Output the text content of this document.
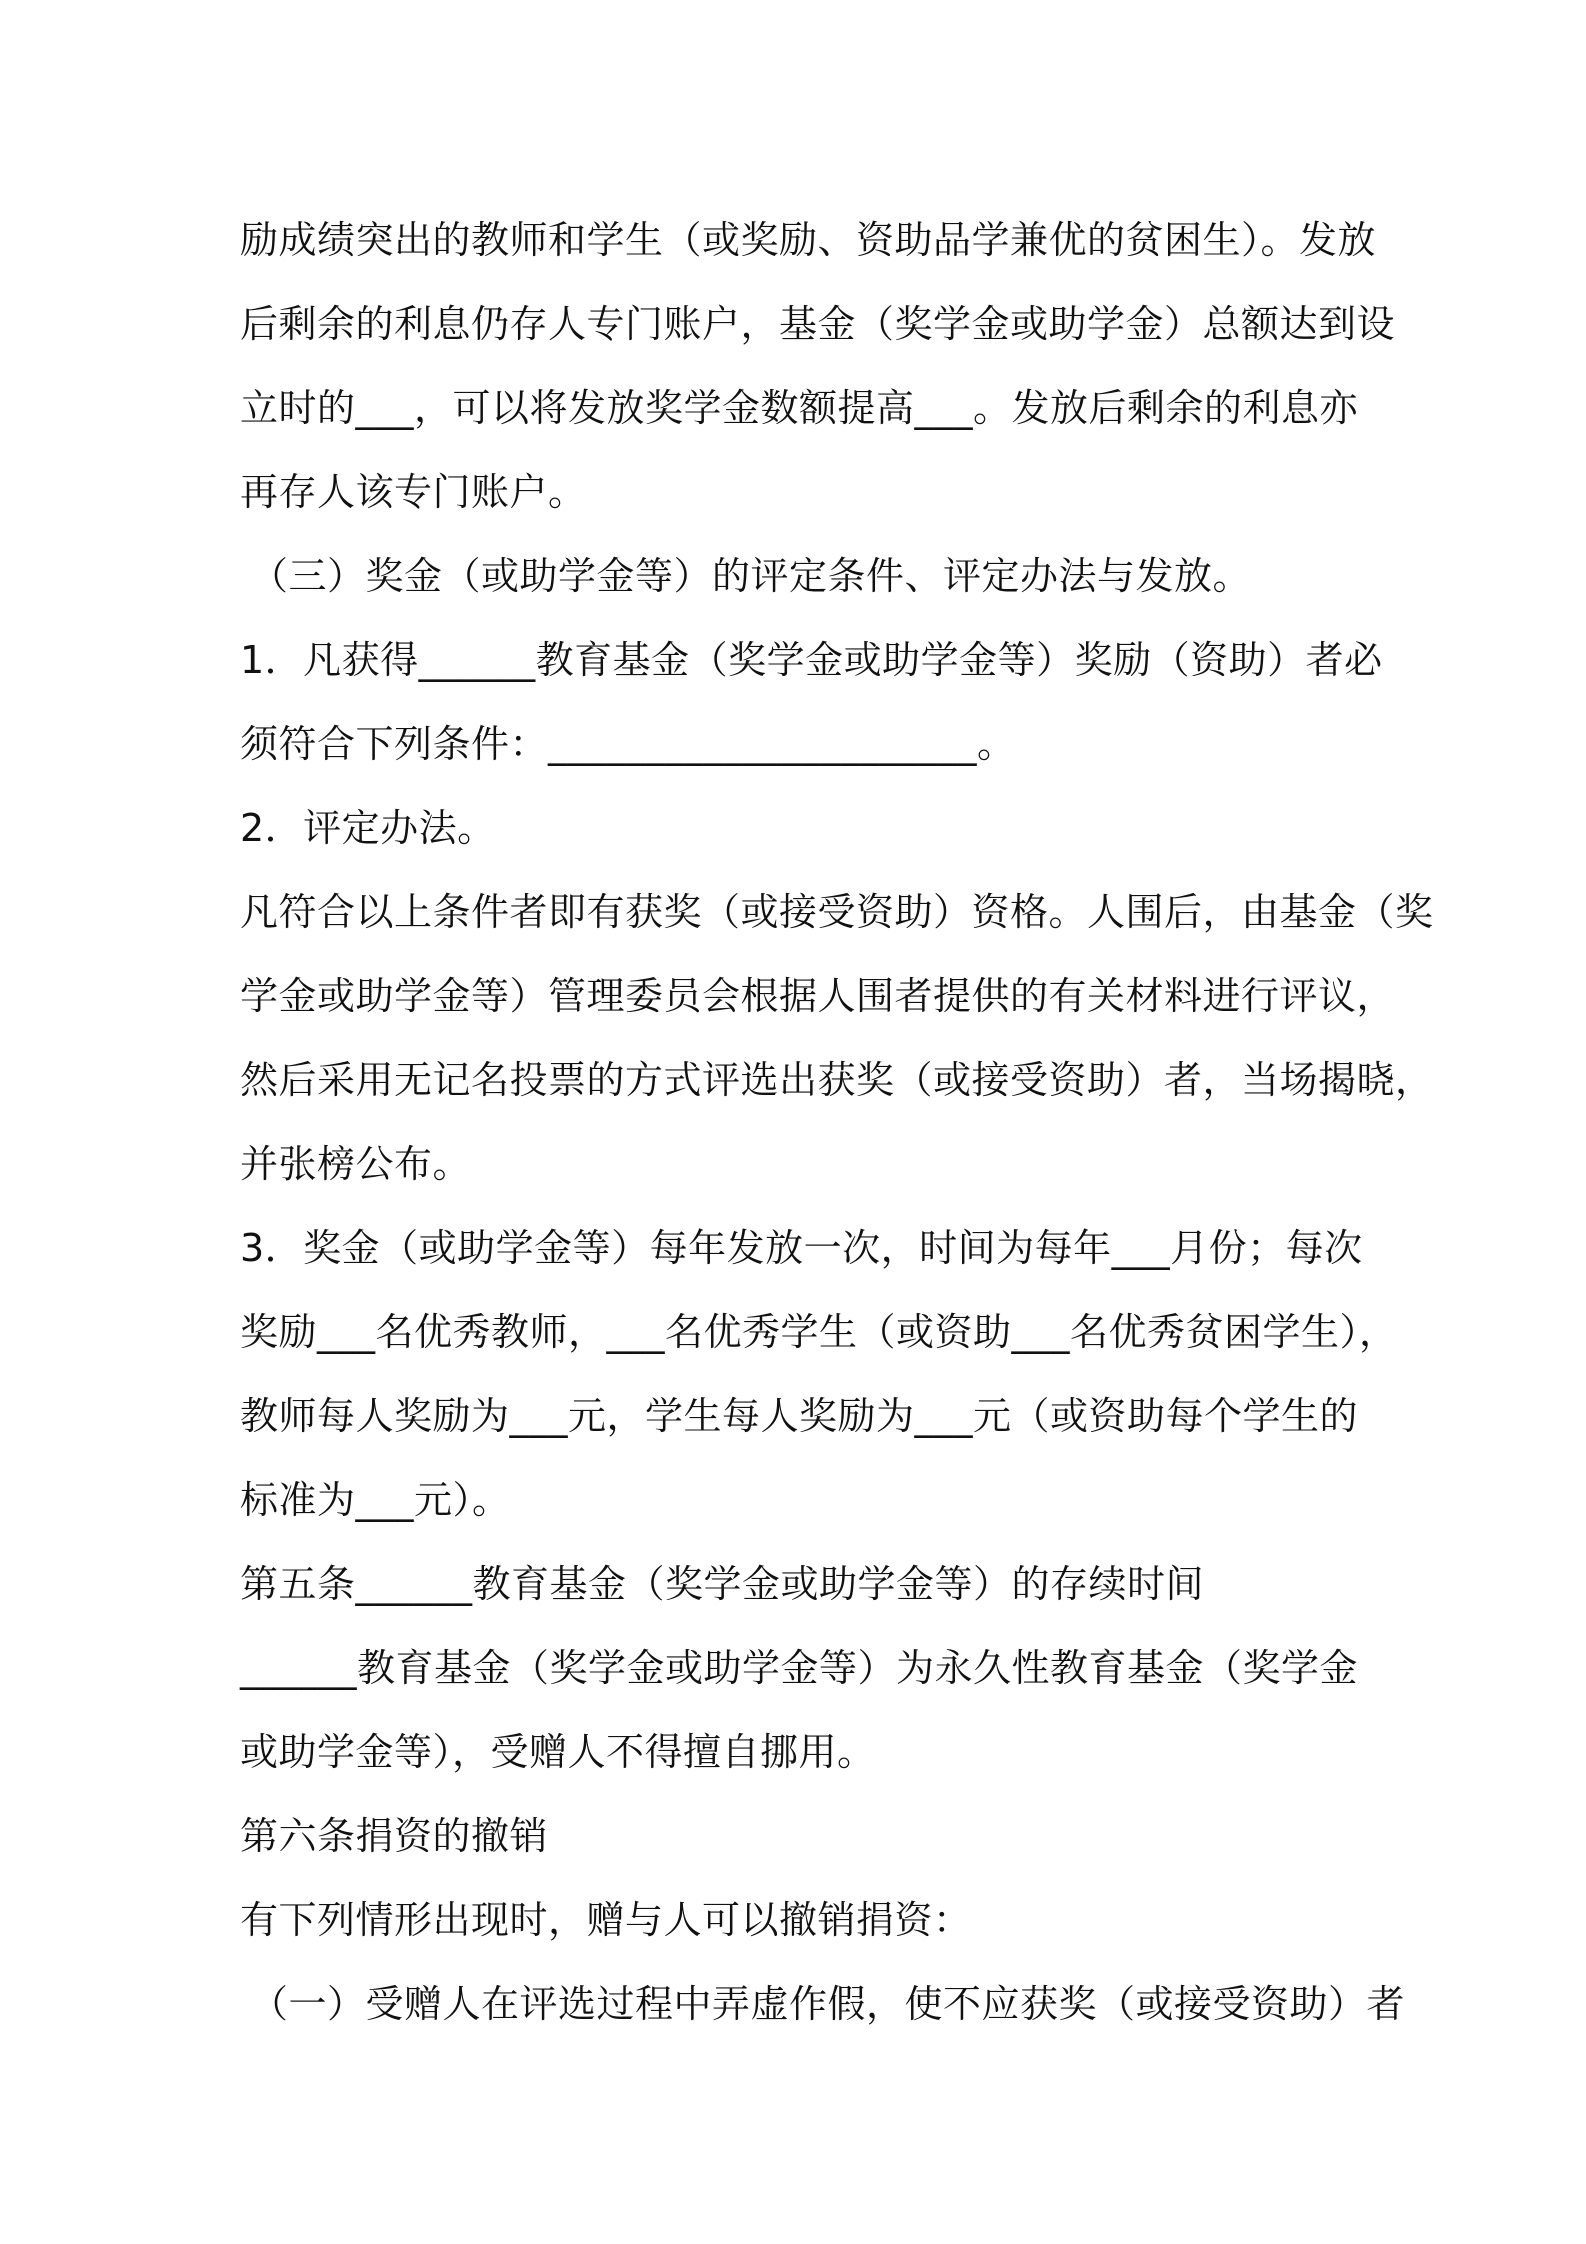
励成绩突出的教师和学生（或奖励、资助品学兼优的贫困生）。发放
后剩余的利息仍存人专门账户，基金（奖学金或助学金）总额达到设
立时的___，可以将发放奖学金数额提高___。发放后剩余的利息亦
再存人该专门账户。
（三）奖金（或助学金等）的评定条件、评定办法与发放。
1．凡获得______教育基金（奖学金或助学金等）奖励（资助）者必
须符合下列条件：______________________。
2．评定办法。
凡符合以上条件者即有获奖（或接受资助）资格。人围后，由基金（奖
学金或助学金等）管理委员会根据人围者提供的有关材料进行评议，
然后采用无记名投票的方式评选出获奖（或接受资助）者，当场揭晓，
并张榜公布。
3．奖金（或助学金等）每年发放一次，时间为每年___月份；每次
奖励___名优秀教师，___名优秀学生（或资助___名优秀贫困学生），
教师每人奖励为___元，学生每人奖励为___元（或资助每个学生的
标准为___元）。
第五条______教育基金（奖学金或助学金等）的存续时间
______教育基金（奖学金或助学金等）为永久性教育基金（奖学金
或助学金等），受赠人不得擅自挪用。
第六条捐资的撤销
有下列情形出现时，赠与人可以撤销捐资：
（一）受赠人在评选过程中弄虚作假，使不应获奖（或接受资助）者
